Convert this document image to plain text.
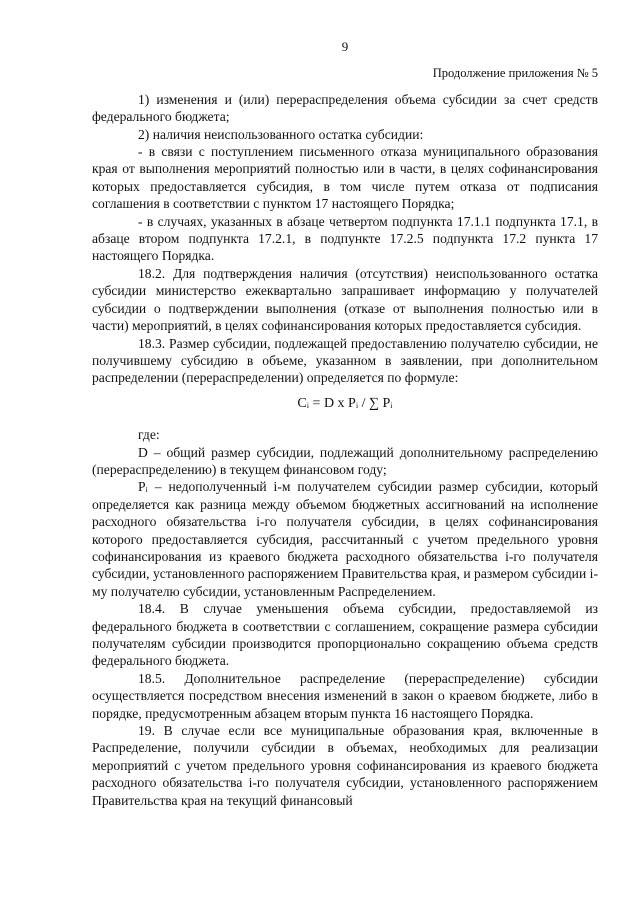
9
Продолжение приложения № 5

1) изменения и (или) перераспределения объема субсидии за счет средств федерального бюджета;

2) наличия неиспользованного остатка субсидии:

- в связи с поступлением письменного отказа муниципального образования края от выполнения мероприятий полностью или в части, в целях софинансирования которых предоставляется субсидия, в том числе путем отказа от подписания соглашения в соответствии с пунктом 17 настоящего Порядка;

- в случаях, указанных в абзаце четвертом подпункта 17.1.1 подпункта 17.1, в абзаце втором подпункта 17.2.1, в подпункте 17.2.5 подпункта 17.2 пункта 17 настоящего Порядка.

18.2. Для подтверждения наличия (отсутствия) неиспользованного остатка субсидии министерство ежеквартально запрашивает информацию у получателей субсидии о подтверждении выполнения (отказе от выполнения полностью или в части) мероприятий, в целях софинансирования которых предоставляется субсидия.

18.3. Размер субсидии, подлежащей предоставлению получателю субсидии, не получившему субсидию в объеме, указанном в заявлении, при дополнительном распределении (перераспределении) определяется по формуле:

Cᵢ = D x Pᵢ / ∑ Pᵢ

где:

D – общий размер субсидии, подлежащий дополнительному распределению (перераспределению) в текущем финансовом году;

Pᵢ – недополученный i-м получателем субсидии размер субсидии, который определяется как разница между объемом бюджетных ассигнований на исполнение расходного обязательства i-го получателя субсидии, в целях софинансирования которого предоставляется субсидия, рассчитанный с учетом предельного уровня софинансирования из краевого бюджета расходного обязательства i-го получателя субсидии, установленного распоряжением Правительства края, и размером субсидии i-му получателю субсидии, установленным Распределением.

18.4. В случае уменьшения объема субсидии, предоставляемой из федерального бюджета в соответствии с соглашением, сокращение размера субсидии получателям субсидии производится пропорционально сокращению объема средств федерального бюджета.

18.5. Дополнительное распределение (перераспределение) субсидии осуществляется посредством внесения изменений в закон о краевом бюджете, либо в порядке, предусмотренным абзацем вторым пункта 16 настоящего Порядка.

19. В случае если все муниципальные образования края, включенные в Распределение, получили субсидии в объемах, необходимых для реализации мероприятий с учетом предельного уровня софинансирования из краевого бюджета расходного обязательства i-го получателя субсидии, установленного распоряжением Правительства края на текущий финансовый
